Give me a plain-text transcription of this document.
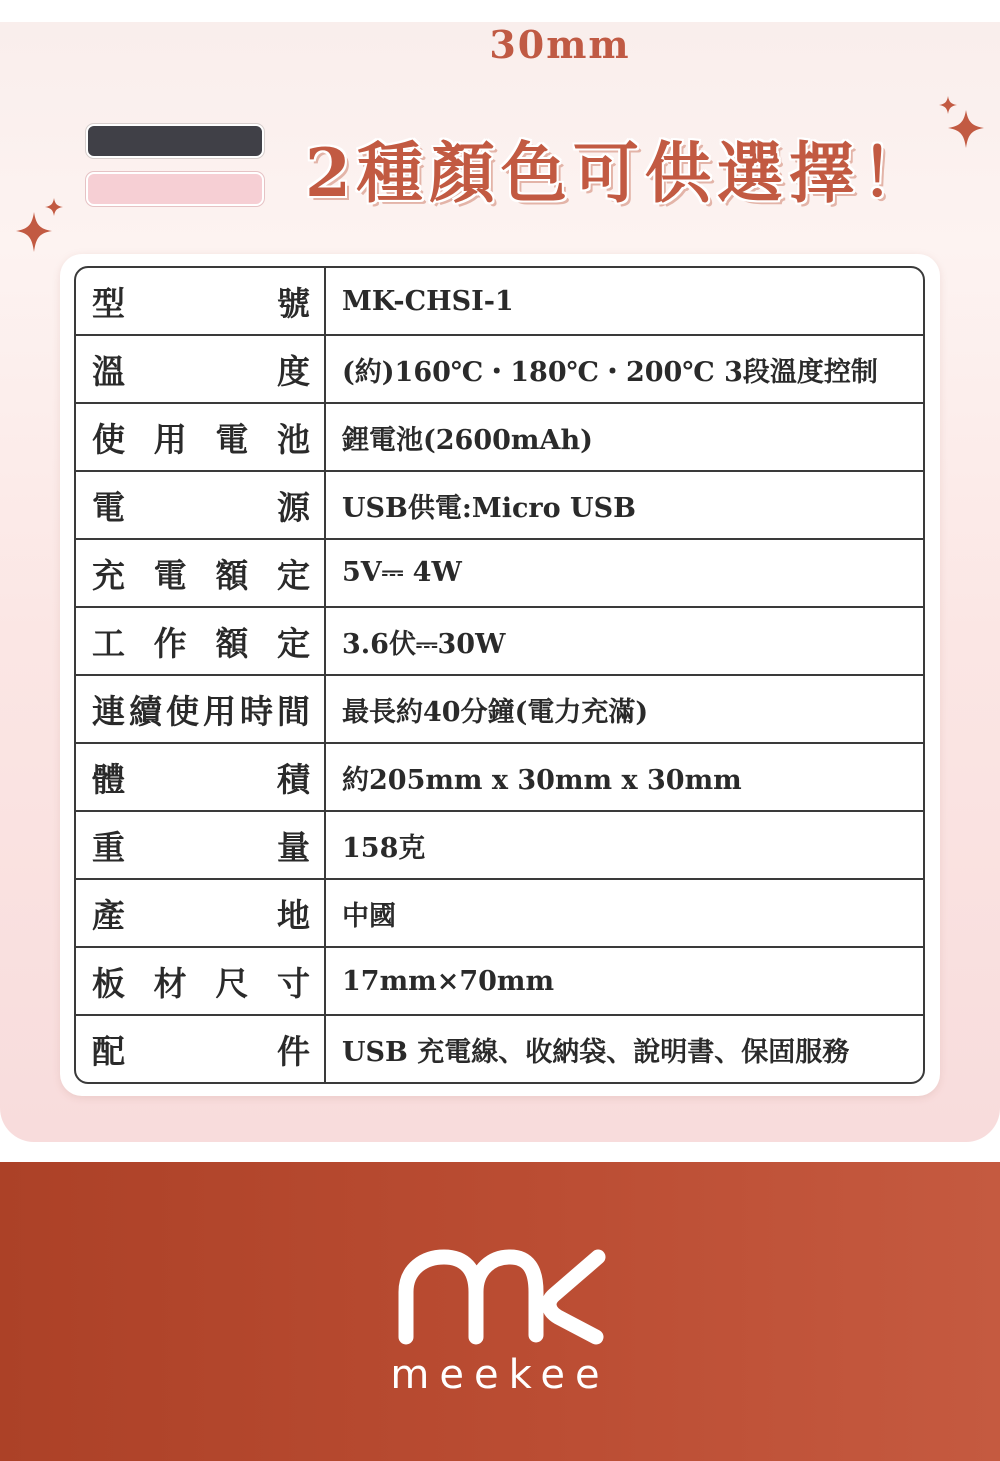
30mm
2種顏色可供選擇！
型號	MK-CHSI-1
溫度	(約)160℃・180℃・200℃ 3段溫度控制
使用電池	鋰電池(2600mAh)
電源	USB供電:Micro USB
充電額定	5V⎓ 4W
工作額定	3.6伏⎓30W
連續使用時間	最長約40分鐘(電力充滿)
體積	約205mm x 30mm x 30mm
重量	158克
產地	中國
板材尺寸	17mm×70mm
配件	USB 充電線、收納袋、說明書、保固服務
meekee
